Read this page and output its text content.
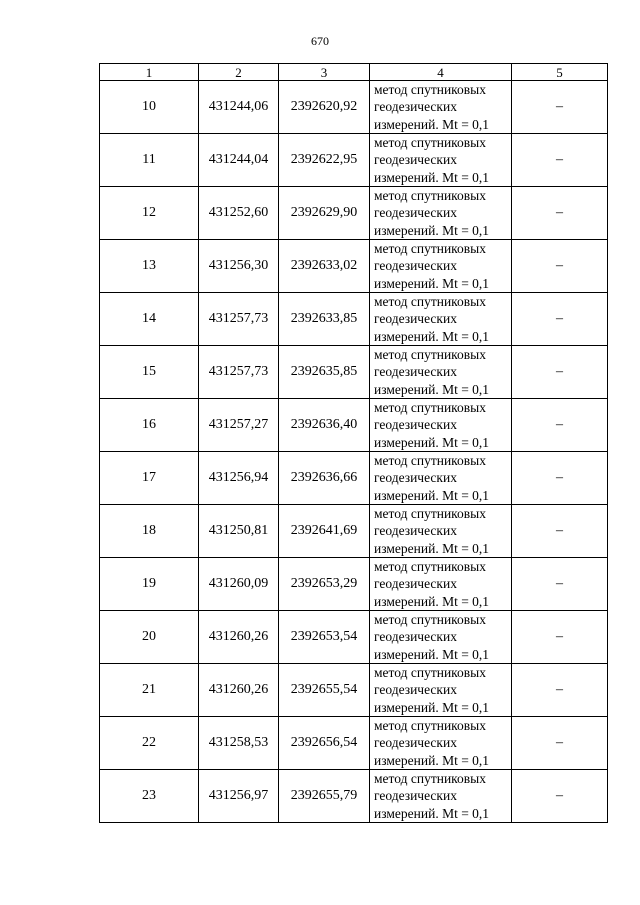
670
1	2	3	4	5
10	431244,06	2392620,92	метод спутниковых
геодезических
измерений. Mt = 0,1	–
11	431244,04	2392622,95	метод спутниковых
геодезических
измерений. Mt = 0,1	–
12	431252,60	2392629,90	метод спутниковых
геодезических
измерений. Mt = 0,1	–
13	431256,30	2392633,02	метод спутниковых
геодезических
измерений. Mt = 0,1	–
14	431257,73	2392633,85	метод спутниковых
геодезических
измерений. Mt = 0,1	–
15	431257,73	2392635,85	метод спутниковых
геодезических
измерений. Mt = 0,1	–
16	431257,27	2392636,40	метод спутниковых
геодезических
измерений. Mt = 0,1	–
17	431256,94	2392636,66	метод спутниковых
геодезических
измерений. Mt = 0,1	–
18	431250,81	2392641,69	метод спутниковых
геодезических
измерений. Mt = 0,1	–
19	431260,09	2392653,29	метод спутниковых
геодезических
измерений. Mt = 0,1	–
20	431260,26	2392653,54	метод спутниковых
геодезических
измерений. Mt = 0,1	–
21	431260,26	2392655,54	метод спутниковых
геодезических
измерений. Mt = 0,1	–
22	431258,53	2392656,54	метод спутниковых
геодезических
измерений. Mt = 0,1	–
23	431256,97	2392655,79	метод спутниковых
геодезических
измерений. Mt = 0,1	–
